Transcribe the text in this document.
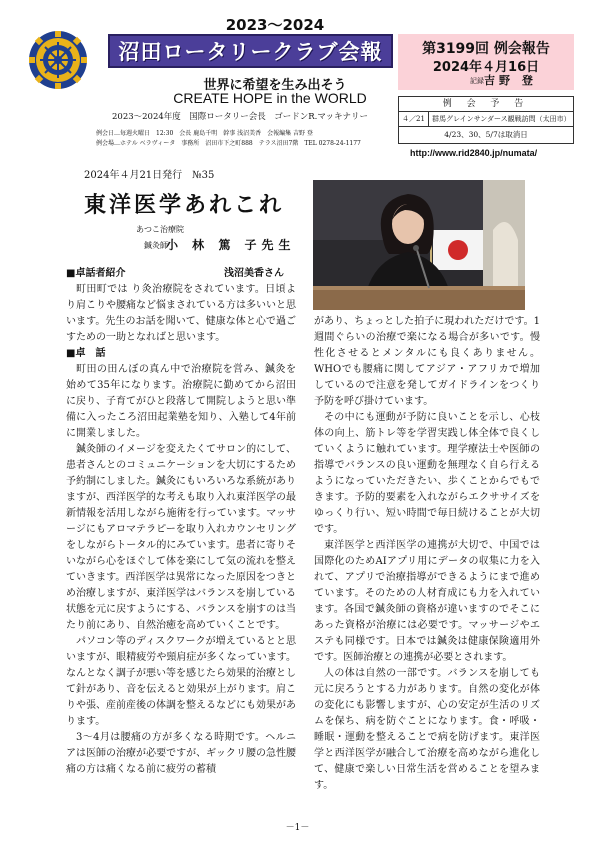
2023～2024
沼田ロータリークラブ会報
世界に希望を生み出そう
CREATE HOPE in the WORLD
2023～2024年度　国際ロータリー会長　ゴードンR.マッキナリー
例会日…毎週火曜日　12:30　会長 鹿島千明　幹事 浅沼美香　会報編集 吉野 登
例会場…ホテル ベラヴィータ　事務所　沼田市下之町888　テラス沼田7階　TEL 0278-24-1177
第3199回 例会報告
2024年４月16日
記録 吉野 登
例 会 予 告
４／21	群馬グレインサンダース観戦訪問（太田市）
4/23、30、5/7は取消日
http://www.rid2840.jp/numata/
2024年４月21日発行　№35
東洋医学あれこれ
あつこ治療院
鍼灸師
小 林 篤 子先生
■卓話者紹介	浅沼美香さん

町田町では り灸治療院をされています。日頃より肩こりや腰痛など悩まされている方は多いいと思います。先生のお話を聞いて、健康な体と心で過ごすための一助となればと思います。

■卓　話

町田の田んぼの真ん中で治療院を営み、鍼灸を始めて35年になります。治療院に勤めてから沼田に戻り、子育てがひと段落して開院しようと思い準備に入ったころ沼田起業塾を知り、入塾して4年前に開業しました。

鍼灸師のイメージを変えたくてサロン的にして、患者さんとのコミュニケーションを大切にするため予約制にしました。鍼灸にもいろいろな系統がありますが、西洋医学的な考えも取り入れ東洋医学の最新情報を活用しながら施術を行っています。マッサージにもアロマテラピーを取り入れカウンセリングをしながらトータル的にみています。患者に寄りそいながら心をほぐして体を楽にして気の流れを整えていきます。西洋医学は異常になった原因をつきとめ治療しますが、東洋医学はバランスを崩している状態を元に戻すようにする、バランスを崩すのは当たり前にあり、自然治癒を高めていくことです。

パソコン等のディスクワークが増えているとと思いますが、眼精疲労や頸肩症が多くなっています。なんとなく調子が悪い等を感じたら効果的治療として針があり、音を伝えると効果が上がります。肩こりや張、産前産後の体調を整えるなどにも効果があります。

3～4月は腰痛の方が多くなる時期です。ヘルニアは医師の治療が必要ですが、ギックリ腰の急性腰痛の方は痛くなる前に疲労の蓄積

があり、ちょっとした拍子に現われただけです。1週間ぐらいの治療で楽になる場合が多いです。慢性化させるとメンタルにも良くありません。WHOでも腰痛に関してアジア・アフリカで増加しているので注意を発してガイドラインをつくり予防を呼び掛けています。

その中にも運動が予防に良いことを示し、心枝体の向上、筋トレ等を学習実践し体全体で良くしていくように触れています。理学療法士や医師の指導でバランスの良い運動を無理なく自ら行えるようになっていただきたい、歩くことからでもできます。予防的要素を入れながらエクササイズをゆっくり行い、短い時間で毎日続けることが大切です。

東洋医学と西洋医学の連携が大切で、中国では国際化のためAIアプリ用にデータの収集に力を入れて、アプリで治療指導ができるようにまで進めています。そのための人材育成にも力を入れています。各国で鍼灸師の資格が違いますのでそこにあった資格が治療には必要です。マッサージやエステも同様です。日本では鍼灸は健康保険適用外です。医師治療との連携が必要とされます。

人の体は自然の一部です。バランスを崩しても元に戻ろうとする力があります。自然の変化が体の変化にも影響しますが、心の安定が生活のリズムを保ち、病を防ぐことになります。食・呼吸・睡眠・運動を整えることで病を防げます。東洋医学と西洋医学が融合して治療を高めながら進化して、健康で楽しい日常生活を営めることを望みます。

－1－
